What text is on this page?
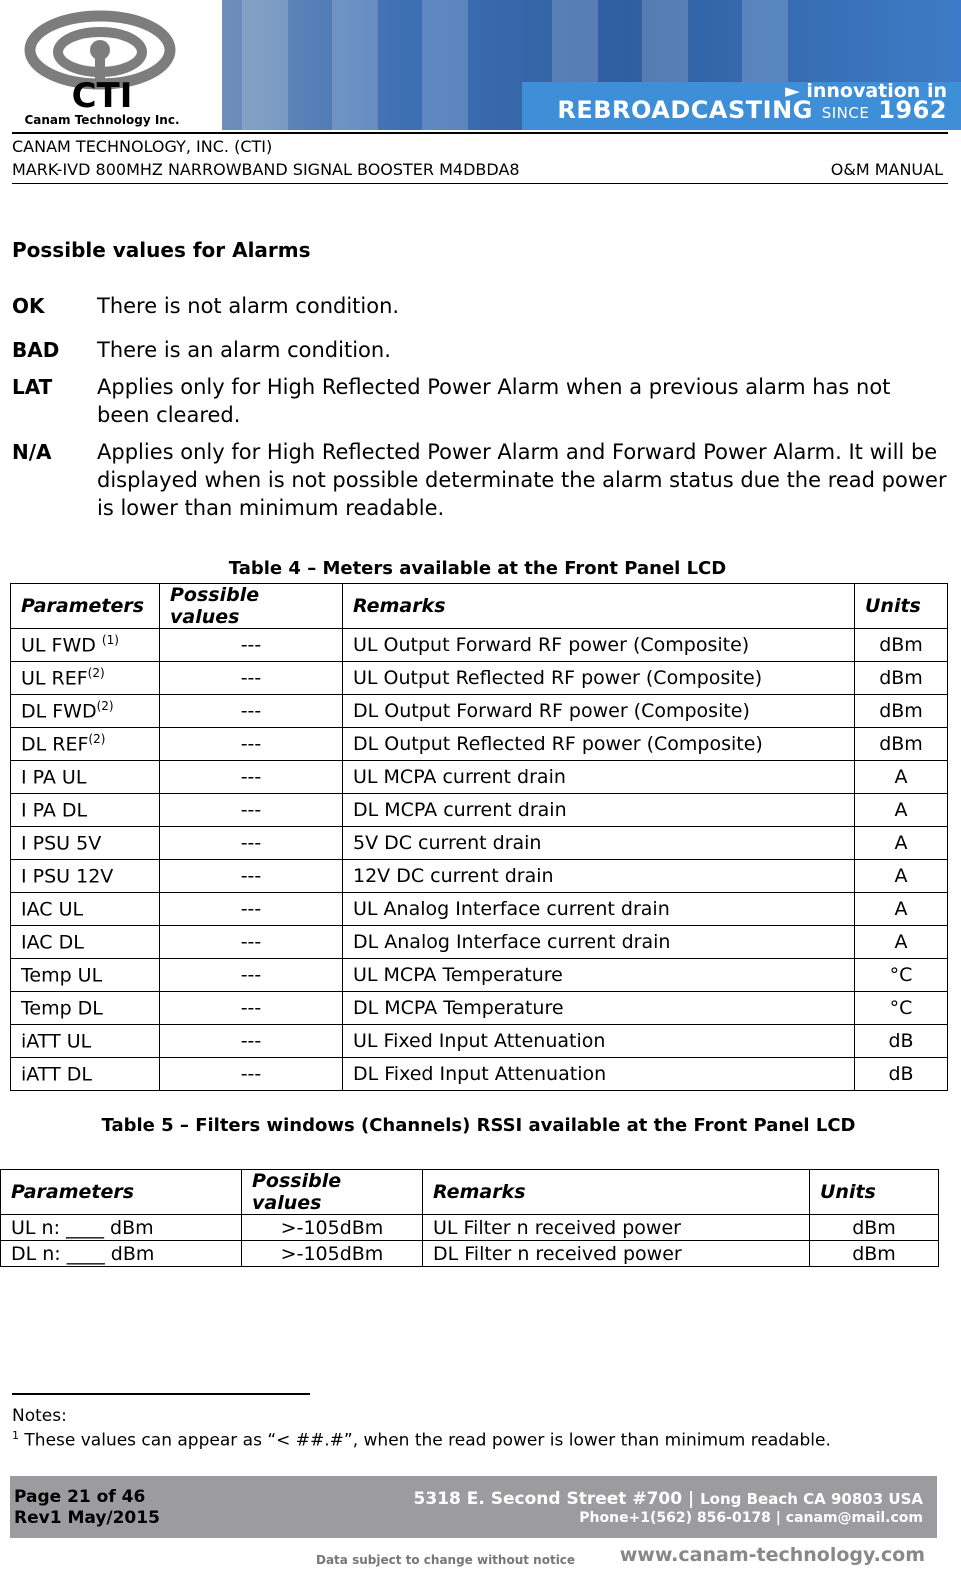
CTI
Canam Technology Inc.
► innovation in
REBROADCASTING SINCE 1962
CANAM TECHNOLOGY, INC. (CTI)
MARK-IVD 800MHZ NARROWBAND SIGNAL BOOSTER M4DBDA8	O&M MANUAL
Possible values for Alarms
OK	There is not alarm condition.
BAD There is an alarm condition.
LAT Applies only for High Reflected Power Alarm when a previous alarm has not been cleared.
N/A Applies only for High Reflected Power Alarm and Forward Power Alarm. It will be displayed when is not possible determinate the alarm status due the read power is lower than minimum readable.
Table 4 – Meters available at the Front Panel LCD
Parameters	Possible values	Remarks	Units
UL FWD $^{(1)}$	---	UL Output Forward RF power (Composite)	dBm
UL REF$^{(2)}$	---	UL Output Reflected RF power (Composite)	dBm
DL FWD$^{(2)}$	---	DL Output Forward RF power (Composite)	dBm
DL REF$^{(2)}$	---	DL Output Reflected RF power (Composite)	dBm
I PA UL	---	UL MCPA current drain	A
I PA DL	---	DL MCPA current drain	A
I PSU 5V	---	5V DC current drain	A
I PSU 12V	---	12V DC current drain	A
IAC UL	---	UL Analog Interface current drain	A
IAC DL	---	DL Analog Interface current drain	A
Temp UL	---	UL MCPA Temperature	°C
Temp DL	---	DL MCPA Temperature	°C
iATT UL	---	UL Fixed Input Attenuation	dB
iATT DL	---	DL Fixed Input Attenuation	dB
Table 5 – Filters windows (Channels) RSSI available at the Front Panel LCD
Parameters	Possible values	Remarks	Units
UL n: ____ dBm	>-105dBm	UL Filter n received power	dBm
DL n: ____ dBm	>-105dBm	DL Filter n received power	dBm
Notes:
$^1$ These values can appear as “< ##.#”, when the read power is lower than minimum readable.
Page 21 of 46
Rev1 May/2015
5318 E. Second Street #700 | Long Beach CA 90803 USA
Phone+1(562) 856-0178 | canam@mail.com
Data subject to change without notice www.canam-technology.com
